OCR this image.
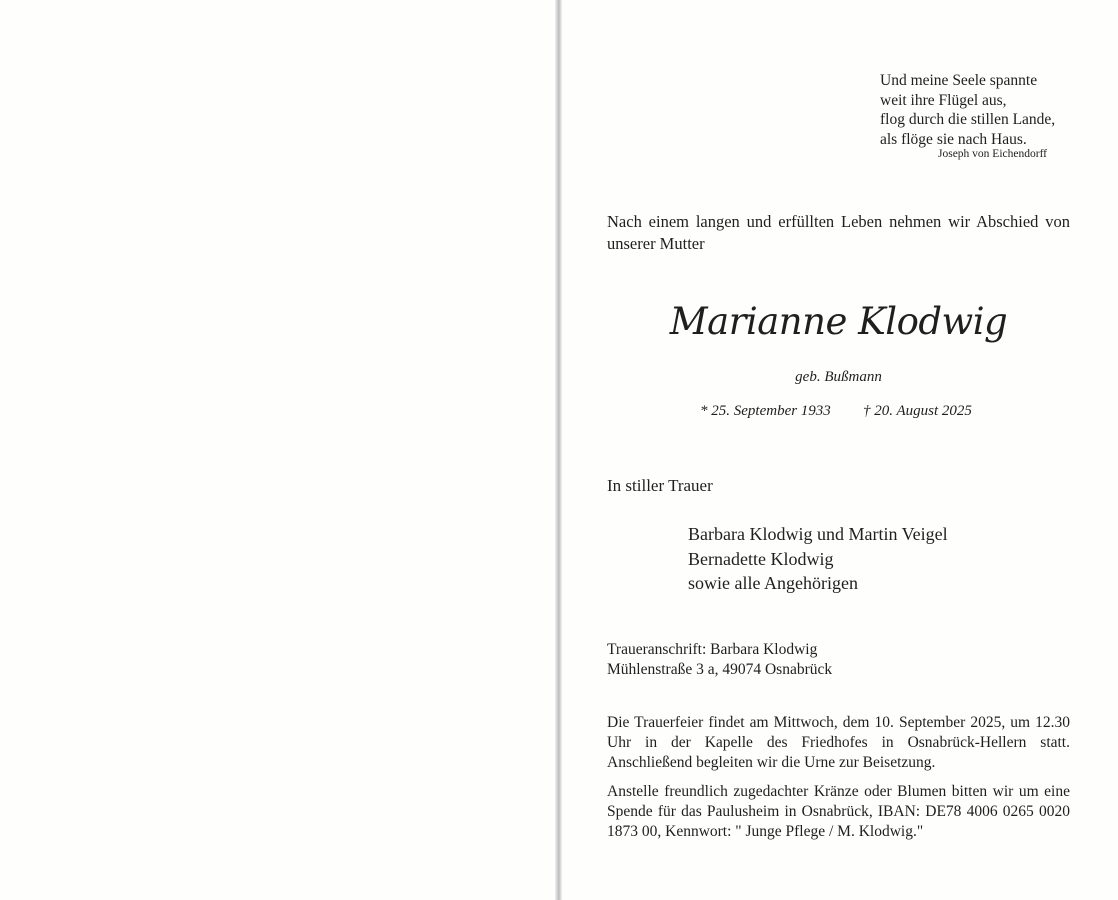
Und meine Seele spannte
weit ihre Flügel aus,
flog durch die stillen Lande,
als flöge sie nach Haus.
Joseph von Eichendorff
Nach einem langen und erfüllten Leben nehmen wir Abschied von unserer Mutter
Marianne Klodwig
geb. Bußmann
* 25. September 1933 † 20. August 2025
In stiller Trauer
Barbara Klodwig und Martin Veigel
Bernadette Klodwig
sowie alle Angehörigen
Traueranschrift: Barbara Klodwig
Mühlenstraße 3 a, 49074 Osnabrück
Die Trauerfeier findet am Mittwoch, dem 10. September 2025, um 12.30 Uhr in der Kapelle des Friedhofes in Osnabrück-Hellern statt. Anschließend begleiten wir die Urne zur Beisetzung.
Anstelle freundlich zugedachter Kränze oder Blumen bitten wir um eine Spende für das Paulusheim in Osnabrück, IBAN: DE78 4006 0265 0020 1873 00, Kennwort: " Junge Pflege / M. Klodwig."
